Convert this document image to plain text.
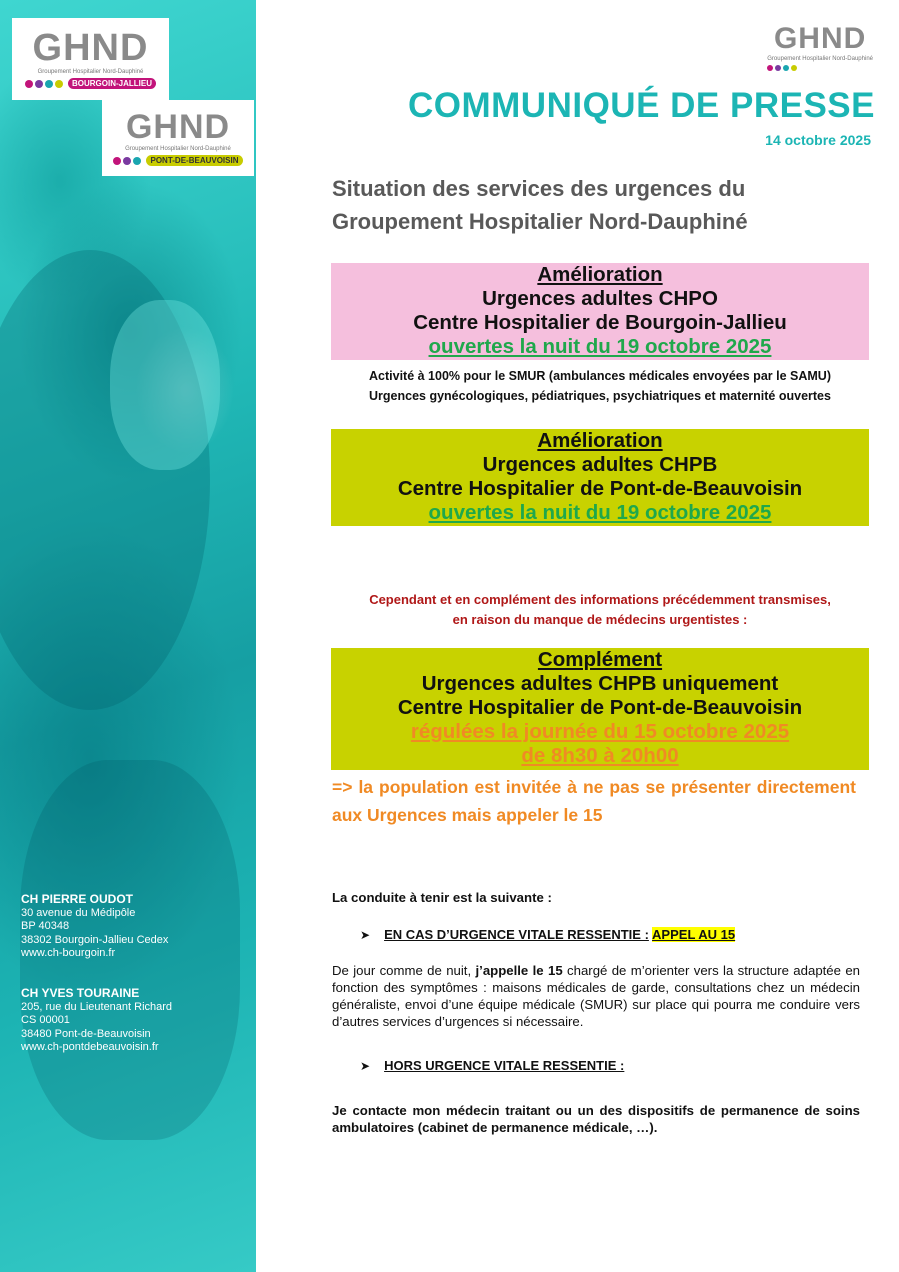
GHND
Groupement Hospitalier Nord-Dauphiné
BOURGOIN-JALLIEU
GHND
Groupement Hospitalier Nord-Dauphiné
PONT-DE-BEAUVOISIN
CH PIERRE OUDOT
30 avenue du Médipôle
BP 40348
38302 Bourgoin-Jallieu Cedex
www.ch-bourgoin.fr
CH YVES TOURAINE
205, rue du Lieutenant Richard
CS 00001
38480 Pont-de-Beauvoisin
www.ch-pontdebeauvoisin.fr
GHND
Groupement Hospitalier Nord-Dauphiné
COMMUNIQUÉ DE PRESSE
14 octobre 2025
Situation des services des urgences du
Groupement Hospitalier Nord-Dauphiné
Amélioration
Urgences adultes CHPO
Centre Hospitalier de Bourgoin-Jallieu
ouvertes la nuit du 19 octobre 2025
Activité à 100% pour le SMUR (ambulances médicales envoyées par le SAMU)
Urgences gynécologiques, pédiatriques, psychiatriques et maternité ouvertes
Amélioration
Urgences adultes CHPB
Centre Hospitalier de Pont-de-Beauvoisin
ouvertes la nuit du 19 octobre 2025
Cependant et en complément des informations précédemment transmises,
en raison du manque de médecins urgentistes :
Complément
Urgences adultes CHPB uniquement
Centre Hospitalier de Pont-de-Beauvoisin
régulées la journée du 15 octobre 2025
de 8h30 à 20h00

=> la population est invitée à ne pas se présenter directement aux Urgences mais appeler le 15

La conduite à tenir est la suivante :
➤ EN CAS D’URGENCE VITALE RESSENTIE : APPEL AU 15
De jour comme de nuit, j’appelle le 15 chargé de m’orienter vers la structure adaptée en fonction des symptômes : maisons médicales de garde, consultations chez un médecin généraliste, envoi d’une équipe médicale (SMUR) sur place qui pourra me conduire vers d’autres services d’urgences si nécessaire.
➤ HORS URGENCE VITALE RESSENTIE :
Je contacte mon médecin traitant ou un des dispositifs de permanence de soins ambulatoires (cabinet de permanence médicale, …).
